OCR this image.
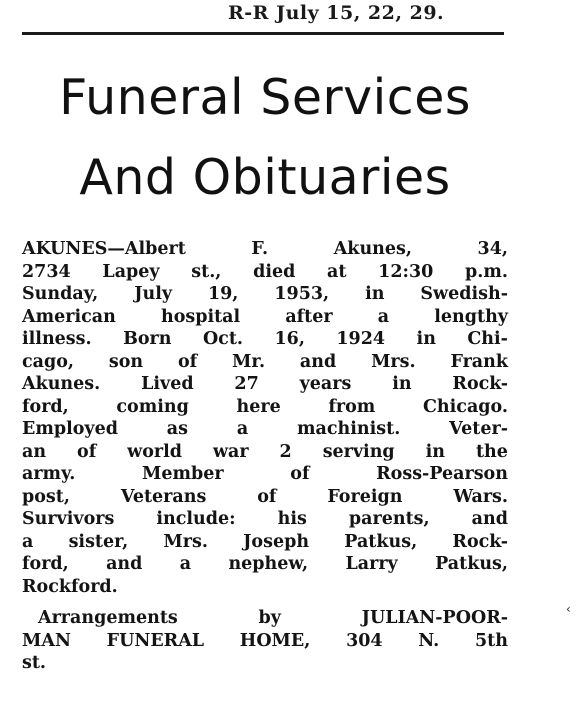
R-R July 15, 22, 29.
Funeral Services
And Obituaries
AKUNES—Albert	F.	Akunes,	34,
2734 Lapey st., died at 12:30 p.m.
Sunday, July 19, 1953, in Swedish-
American	hospital	after	a	lengthy
illness. Born Oct. 16, 1924 in Chi-
cago, son of Mr. and Mrs. Frank
Akunes. Lived 27 years in Rock-
ford,	coming	here	from	Chicago.
Employed	as	a	machinist.	Veter-
an of world war 2 serving in the
army.	Member	of	Ross-Pearson
post,	Veterans	of	Foreign	Wars.
Survivors include: his parents, and
a sister, Mrs. Joseph Patkus, Rock-
ford, and a nephew, Larry Patkus,
Rockford.
Arrangements	by	JULIAN-POOR-
MAN FUNERAL HOME, 304 N. 5th
st.
‹
